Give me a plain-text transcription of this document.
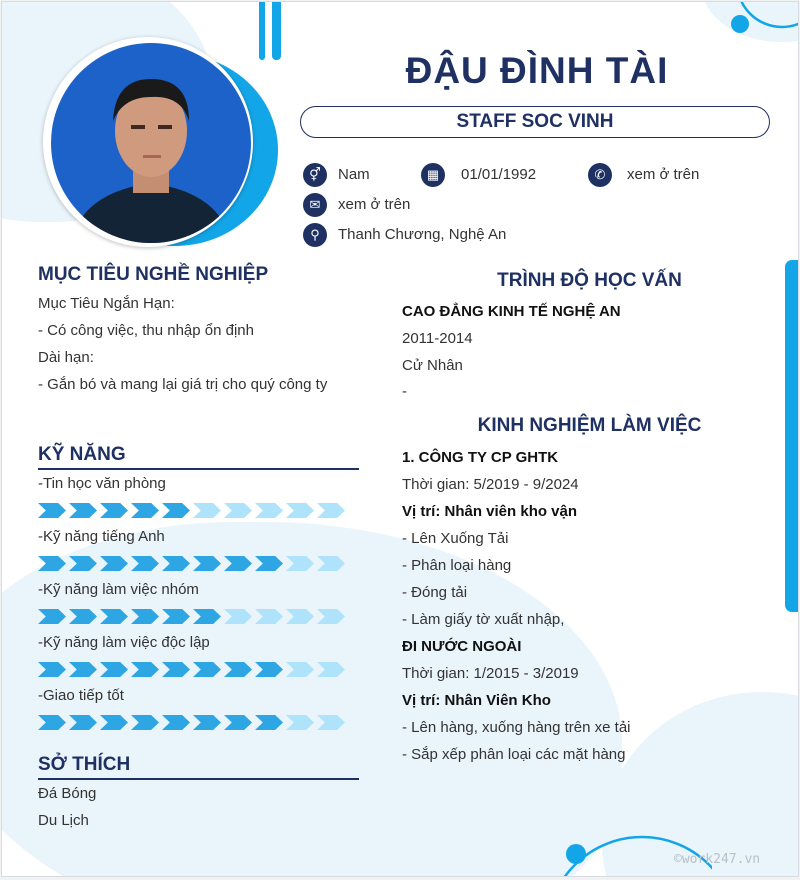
ĐẬU ĐÌNH TÀI
STAFF SOC VINH
⚥	Nam	▦	01/01/1992	✆	xem ở trên
✉	xem ở trên
⚲	Thanh Chương, Nghệ An
MỤC TIÊU NGHỀ NGHIỆP
Mục Tiêu Ngắn Hạn:
- Có công việc, thu nhập ổn định
Dài hạn:
- Gắn bó và mang lại giá trị cho quý công ty
KỸ NĂNG
-Tin học văn phòng
-Kỹ năng tiếng Anh
-Kỹ năng làm việc nhóm
-Kỹ năng làm việc độc lập
-Giao tiếp tốt
SỞ THÍCH
Đá Bóng
Du Lịch
TRÌNH ĐỘ HỌC VẤN
CAO ĐẲNG KINH TẾ NGHỆ AN
2011-2014
Cử Nhân
-
KINH NGHIỆM LÀM VIỆC
1. CÔNG TY CP GHTK
Thời gian: 5/2019 - 9/2024
Vị trí: Nhân viên kho vận
- Lên Xuống Tải
- Phân loại hàng
- Đóng tải
- Làm giấy tờ xuất nhập,
ĐI NƯỚC NGOÀI
Thời gian: 1/2015 - 3/2019
Vị trí: Nhân Viên Kho
- Lên hàng, xuống hàng trên xe tải
- Sắp xếp phân loại các mặt hàng
©work247.vn
